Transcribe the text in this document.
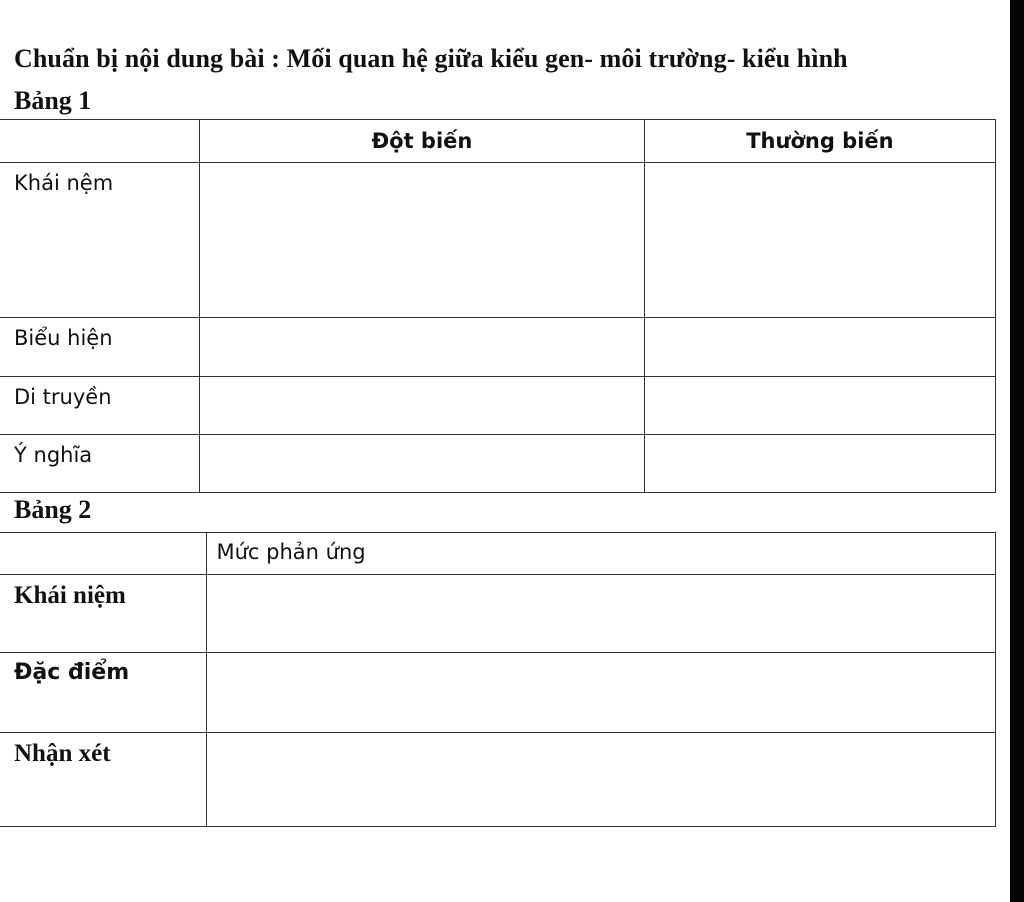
Chuẩn bị nội dung bài : Mối quan hệ giữa kiểu gen- môi trường- kiểu hình

Bảng 1

	Đột biến	Thường biến
Khái nệm		
Biểu hiện		
Di truyền		
Ý nghĩa		

Bảng 2

	Mức phản ứng
Khái niệm	
Đặc điểm	
Nhận xét	
